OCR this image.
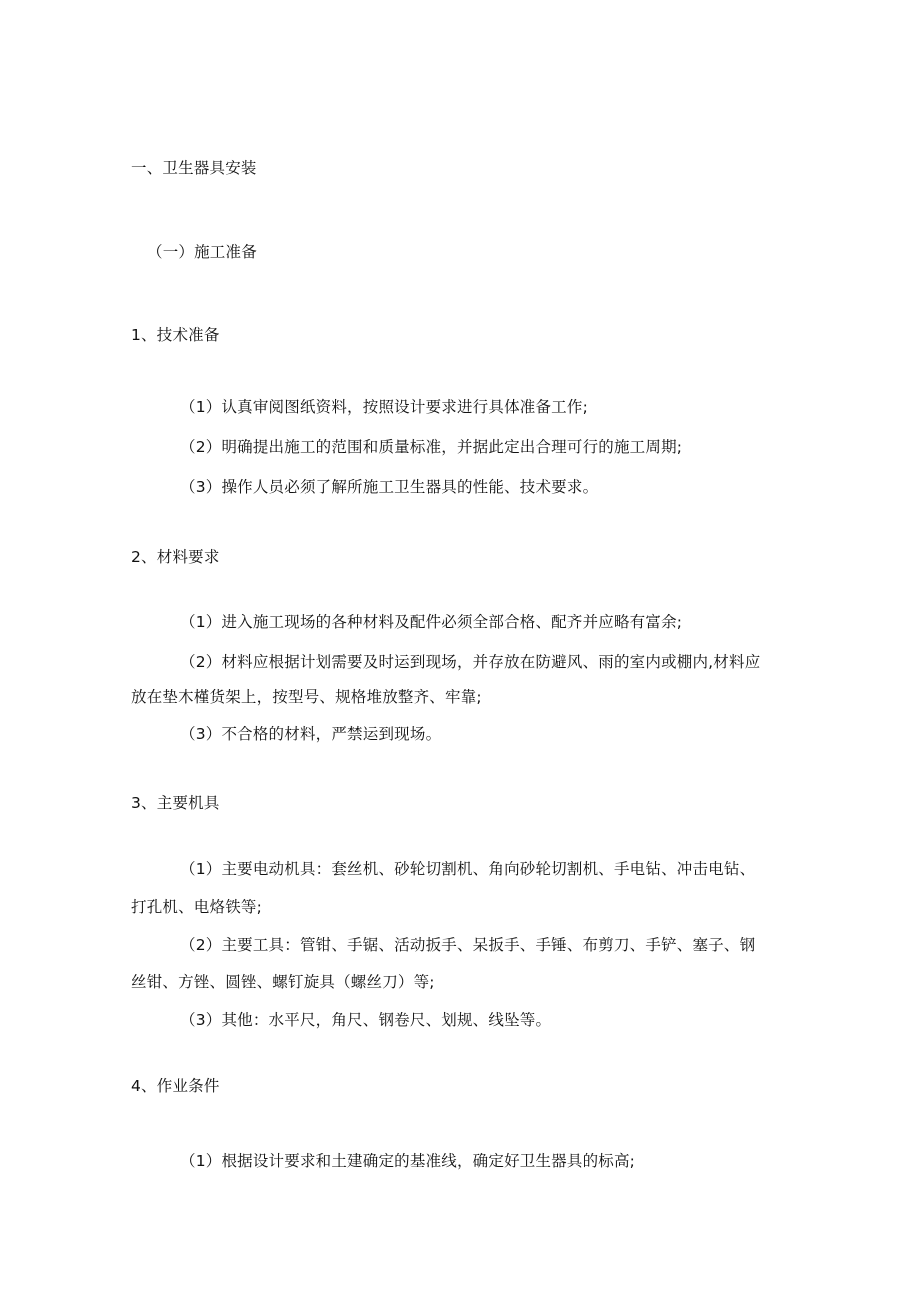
一、卫生器具安装
（一）施工准备
1、技术准备
（1）认真审阅图纸资料，按照设计要求进行具体准备工作;
（2）明确提出施工的范围和质量标准，并据此定出合理可行的施工周期;
（3）操作人员必须了解所施工卫生器具的性能、技术要求。
2、材料要求
（1）进入施工现场的各种材料及配件必须全部合格、配齐并应略有富余;
（2）材料应根据计划需要及时运到现场，并存放在防避风、雨的室内或棚内,材料应
放在垫木槿货架上，按型号、规格堆放整齐、牢靠;
（3）不合格的材料，严禁运到现场。
3、主要机具
（1）主要电动机具：套丝机、砂轮切割机、角向砂轮切割机、手电钻、冲击电钻、
打孔机、电烙铁等;
（2）主要工具：管钳、手锯、活动扳手、呆扳手、手锤、布剪刀、手铲、塞子、钢
丝钳、方锉、圆锉、螺钉旋具（螺丝刀）等;
（3）其他：水平尺，角尺、钢卷尺、划规、线坠等。
4、作业条件
（1）根据设计要求和土建确定的基准线，确定好卫生器具的标高;
